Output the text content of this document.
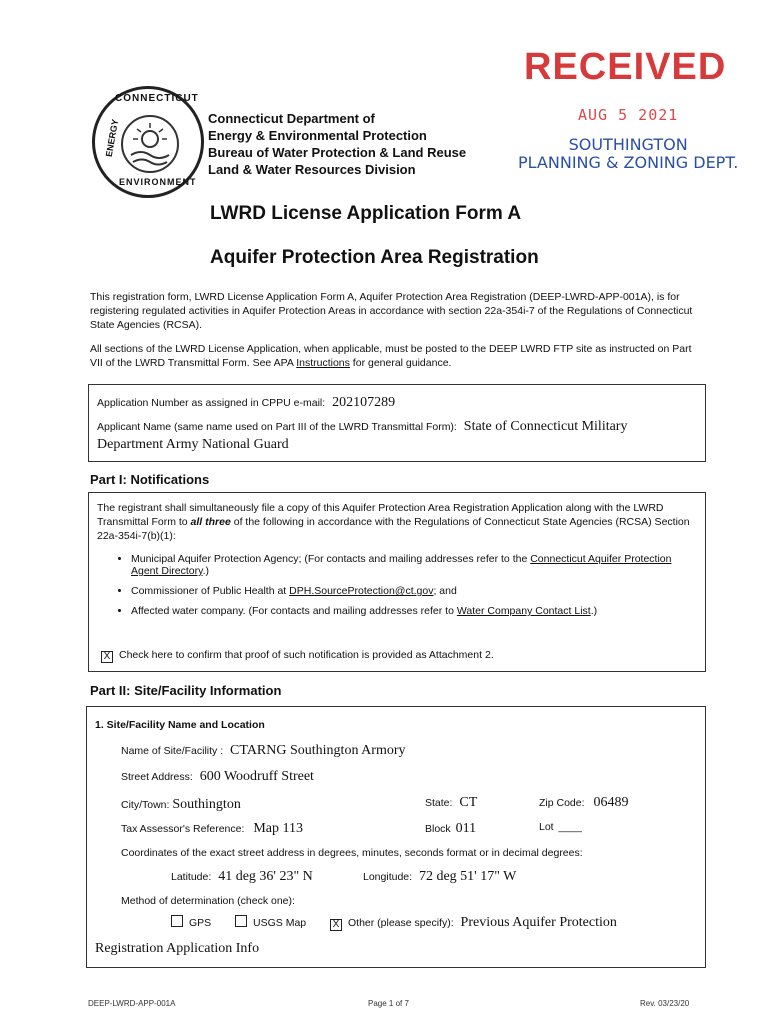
CONNECTICUT
ENERGY
ENVIRONMENT
Connecticut Department of
Energy & Environmental Protection
Bureau of Water Protection & Land Reuse
Land & Water Resources Division
RECEIVED
AUG 5 2021
SOUTHINGTON
PLANNING & ZONING DEPT.
LWRD License Application Form A
Aquifer Protection Area Registration
This registration form, LWRD License Application Form A, Aquifer Protection Area Registration (DEEP-LWRD-APP-001A), is for registering regulated activities in Aquifer Protection Areas in accordance with section 22a-354i-7 of the Regulations of Connecticut State Agencies (RCSA).
All sections of the LWRD License Application, when applicable, must be posted to the DEEP LWRD FTP site as instructed on Part VII of the LWRD Transmittal Form. See APA Instructions for general guidance.
Application Number as assigned in CPPU e-mail: 202107289
Applicant Name (same name used on Part III of the LWRD Transmittal Form): State of Connecticut Military
Department Army National Guard
Part I: Notifications
The registrant shall simultaneously file a copy of this Aquifer Protection Area Registration Application along with the LWRD Transmittal Form to all three of the following in accordance with the Regulations of Connecticut State Agencies (RCSA) Section 22a-354i-7(b)(1):
• Municipal Aquifer Protection Agency; (For contacts and mailing addresses refer to the Connecticut Aquifer Protection Agent Directory.)
• Commissioner of Public Health at DPH.SourceProtection@ct.gov; and
• Affected water company. (For contacts and mailing addresses refer to Water Company Contact List.)
X Check here to confirm that proof of such notification is provided as Attachment 2.
Part II: Site/Facility Information
1. Site/Facility Name and Location
Name of Site/Facility : CTARNG Southington Armory
Street Address: 600 Woodruff Street
City/Town: Southington	State: CT	Zip Code: 06489
Tax Assessor's Reference: Map 113	Block 011	Lot ____
Coordinates of the exact street address in degrees, minutes, seconds format or in decimal degrees:
Latitude: 41 deg 36' 23" N	Longitude: 72 deg 51' 17" W
Method of determination (check one):
GPS	USGS Map	X Other (please specify): Previous Aquifer Protection
Registration Application Info
DEEP-LWRD-APP-001A	Page 1 of 7	Rev. 03/23/20
